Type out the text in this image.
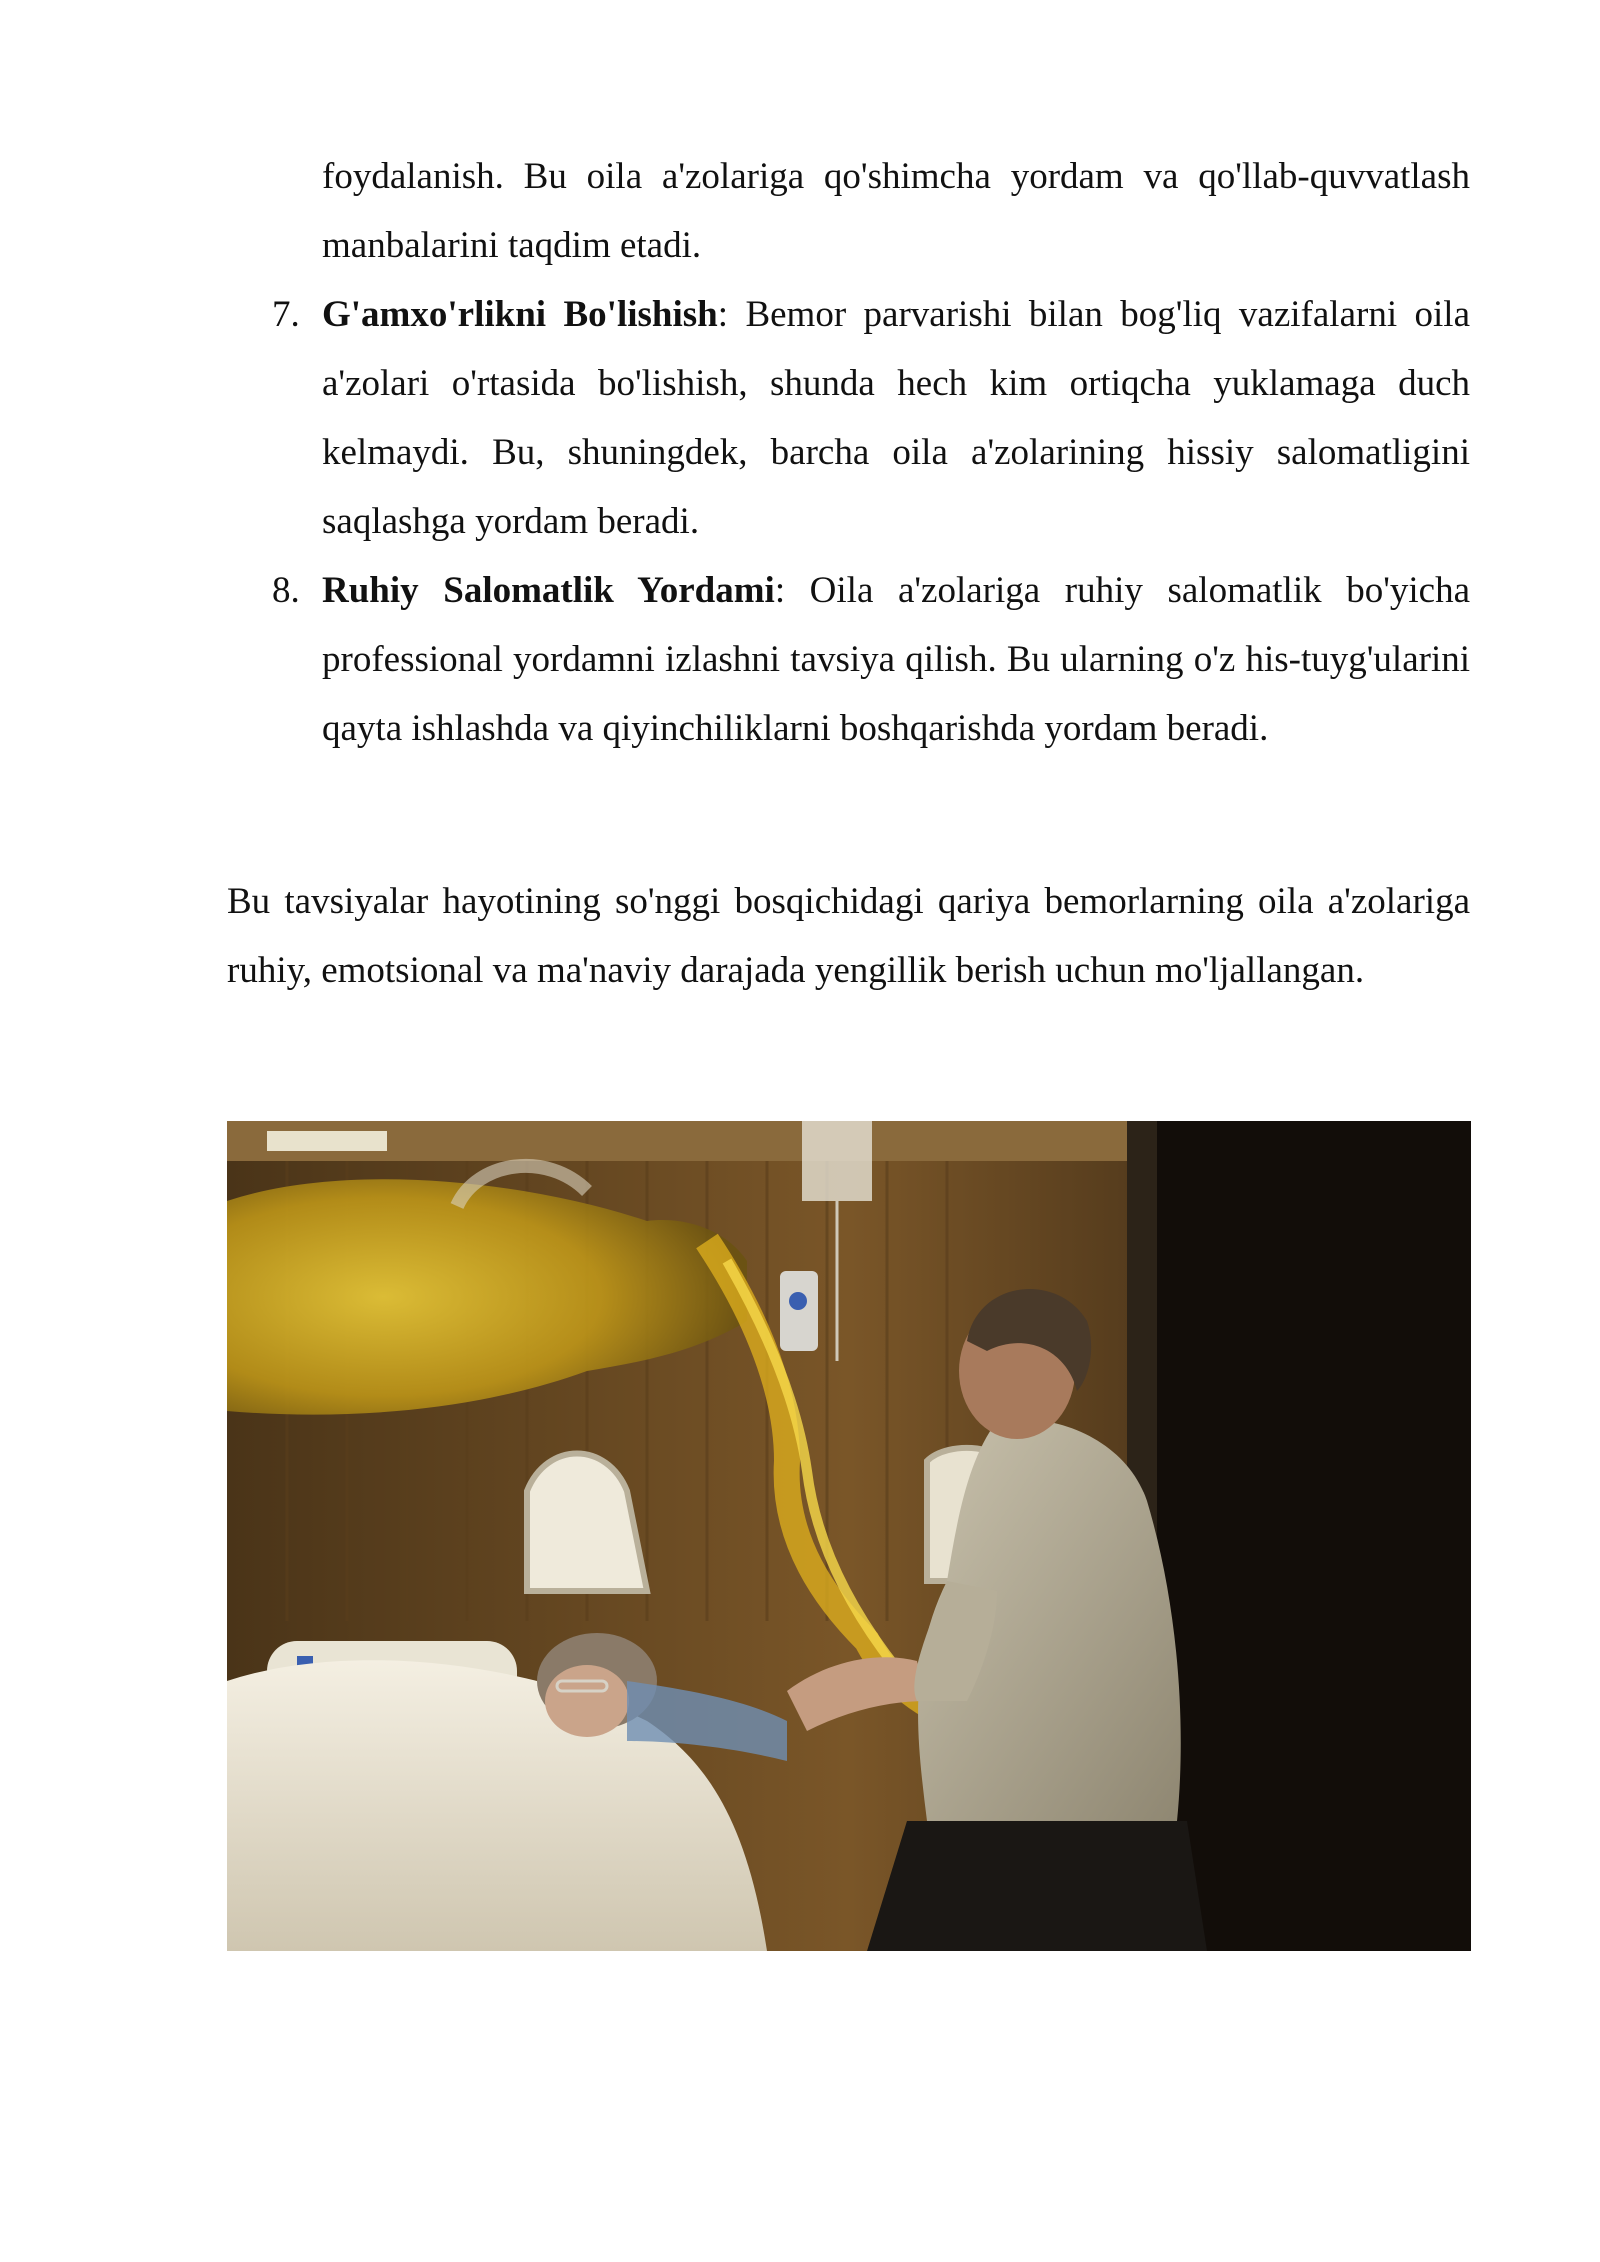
foydalanish. Bu oila a'zolariga qo'shimcha yordam va qo'llab-quvvatlash manbalarini taqdim etadi.

7. G'amxo'rlikni Bo'lishish: Bemor parvarishi bilan bog'liq vazifalarni oila a'zolari o'rtasida bo'lishish, shunda hech kim ortiqcha yuklamaga duch kelmaydi. Bu, shuningdek, barcha oila a'zolarining hissiy salomatligini saqlashga yordam beradi.

8. Ruhiy Salomatlik Yordami: Oila a'zolariga ruhiy salomatlik bo'yicha professional yordamni izlashni tavsiya qilish. Bu ularning o'z his-tuyg'ularini qayta ishlashda va qiyinchiliklarni boshqarishda yordam beradi.

Bu tavsiyalar hayotining so'nggi bosqichidagi qariya bemorlarning oila a'zolariga ruhiy, emotsional va ma'naviy darajada yengillik berish uchun mo'ljallangan.
